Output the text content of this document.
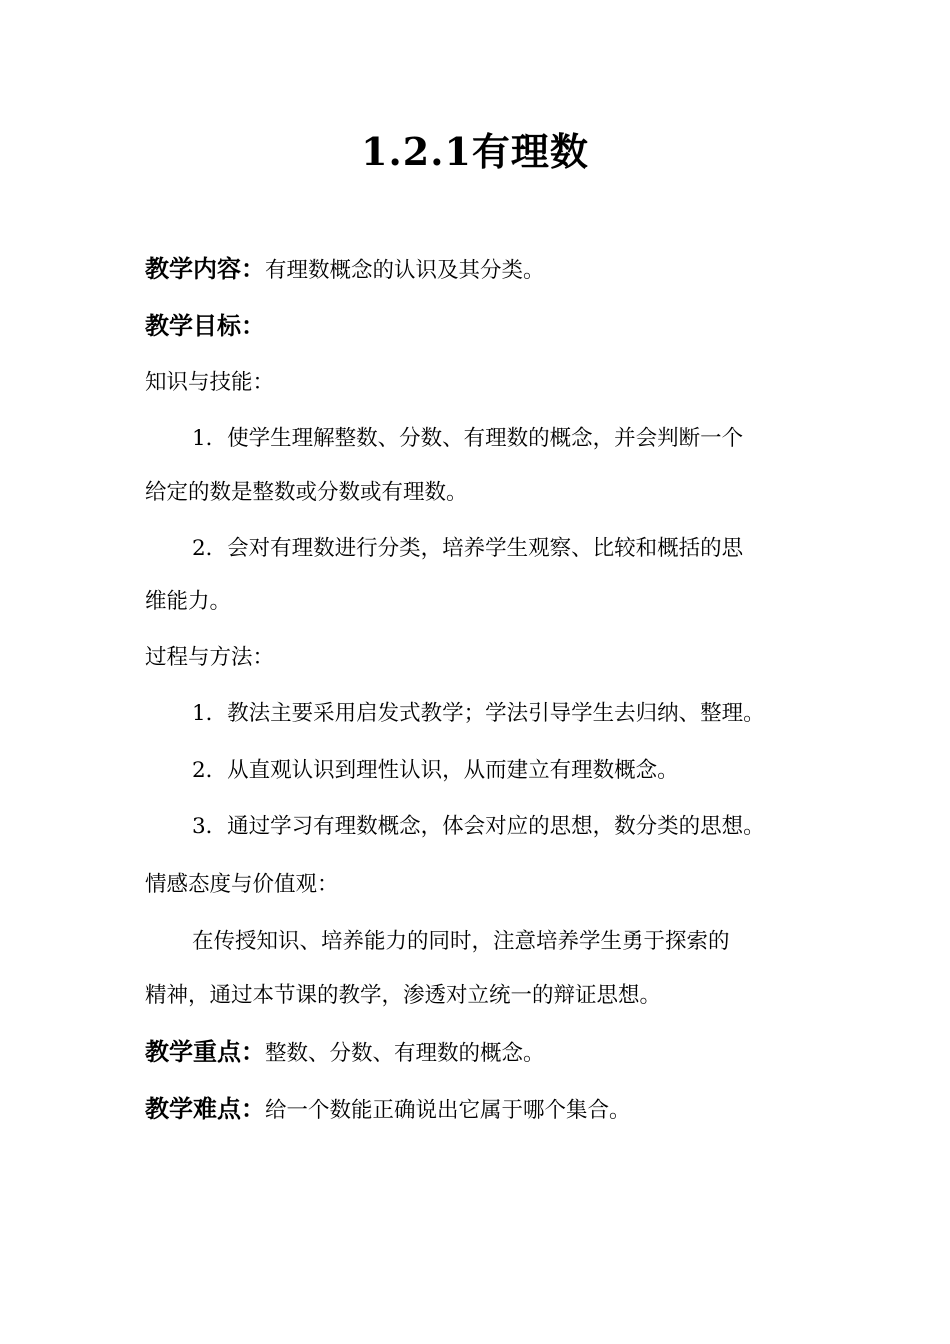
1.2.1有理数
教学内容：有理数概念的认识及其分类。
教学目标：
知识与技能：
1．使学生理解整数、分数、有理数的概念，并会判断一个
给定的数是整数或分数或有理数。
2．会对有理数进行分类，培养学生观察、比较和概括的思
维能力。
过程与方法：
1．教法主要采用启发式教学；学法引导学生去归纳、整理。
2．从直观认识到理性认识，从而建立有理数概念。
3．通过学习有理数概念，体会对应的思想，数分类的思想。
情感态度与价值观：
在传授知识、培养能力的同时，注意培养学生勇于探索的
精神，通过本节课的教学，渗透对立统一的辩证思想。
教学重点：整数、分数、有理数的概念。
教学难点：给一个数能正确说出它属于哪个集合。
